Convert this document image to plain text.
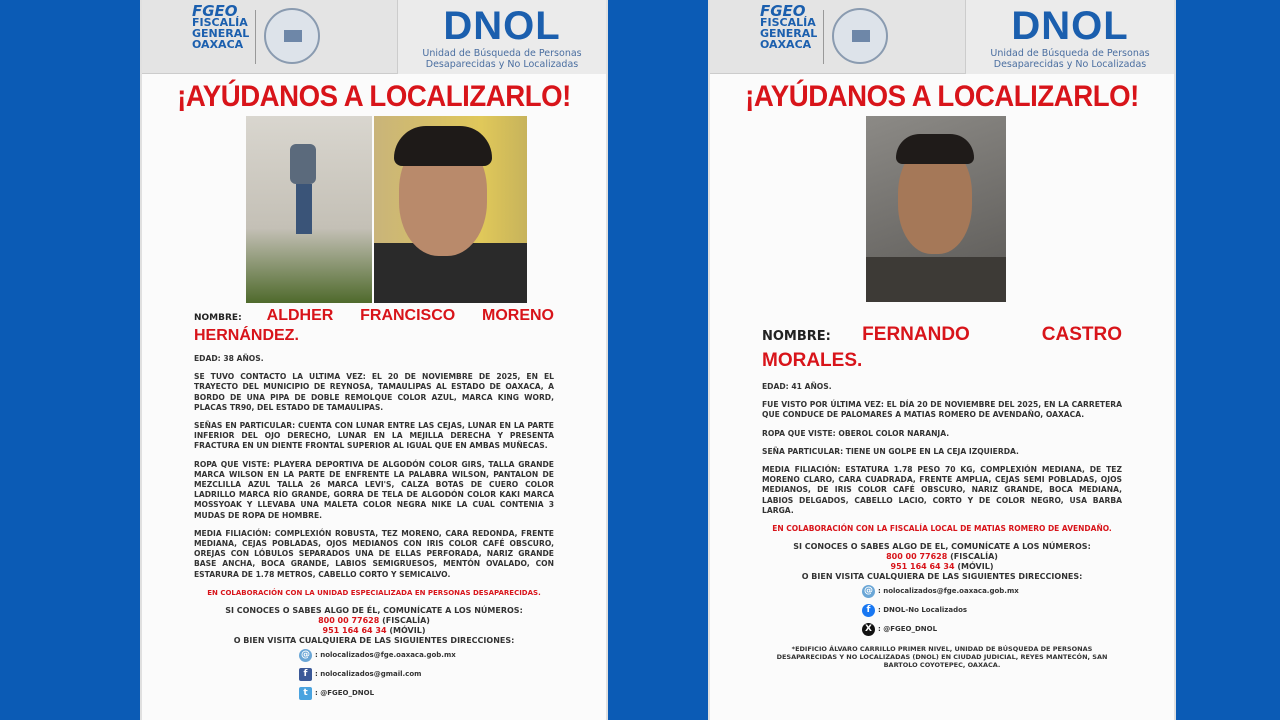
FGEO
FISCALÍA
GENERAL
OAXACA	DNOL
Unidad de Búsqueda de Personas
Desaparecidas y No Localizadas
¡AYÚDANOS A LOCALIZARLO!

NOMBRE: ALDHER FRANCISCO MORENO HERNÁNDEZ.

EDAD: 38 AÑOS.

SE TUVO CONTACTO LA ULTIMA VEZ: EL 20 DE NOVIEMBRE DE 2025, EN EL TRAYECTO DEL MUNICIPIO DE REYNOSA, TAMAULIPAS AL ESTADO DE OAXACA, A BORDO DE UNA PIPA DE DOBLE REMOLQUE COLOR AZUL, MARCA KING WORD, PLACAS TR90, DEL ESTADO DE TAMAULIPAS.

SEÑAS EN PARTICULAR: CUENTA CON LUNAR ENTRE LAS CEJAS, LUNAR EN LA PARTE INFERIOR DEL OJO DERECHO, LUNAR EN LA MEJILLA DERECHA Y PRESENTA FRACTURA EN UN DIENTE FRONTAL SUPERIOR AL IGUAL QUE EN AMBAS MUÑECAS.

ROPA QUE VISTE: PLAYERA DEPORTIVA DE ALGODÓN COLOR GIRS, TALLA GRANDE MARCA WILSON EN LA PARTE DE ENFRENTE LA PALABRA WILSON, PANTALON DE MEZCLILLA AZUL TALLA 26 MARCA LEVI'S, CALZA BOTAS DE CUERO COLOR LADRILLO MARCA RÍO GRANDE, GORRA DE TELA DE ALGODÓN COLOR KAKI MARCA MOSSYOAK Y LLEVABA UNA MALETA COLOR NEGRA NIKE LA CUAL CONTENIA 3 MUDAS DE ROPA DE HOMBRE.

MEDIA FILIACIÓN: COMPLEXIÓN ROBUSTA, TEZ MORENO, CARA REDONDA, FRENTE MEDIANA, CEJAS POBLADAS, OJOS MEDIANOS CON IRIS COLOR CAFÉ OBSCURO, OREJAS CON LÓBULOS SEPARADOS UNA DE ELLAS PERFORADA, NARIZ GRANDE BASE ANCHA, BOCA GRANDE, LABIOS SEMIGRUESOS, MENTÓN OVALADO, CON ESTARURA DE 1.78 METROS, CABELLO CORTO Y SEMICALVO.

EN COLABORACIÓN CON LA UNIDAD ESPECIALIZADA EN PERSONAS DESAPARECIDAS.

SI CONOCES O SABES ALGO DE ÉL, COMUNÍCATE A LOS NÚMEROS:
800 00 77628 (FISCALÍA)
951 164 64 34 (MÓVIL)
O BIEN VISITA CUALQUIERA DE LAS SIGUIENTES DIRECCIONES:
@ : nolocalizados@fge.oaxaca.gob.mx
f : nolocalizados@gmail.com
t : @FGEO_DNOL
FGEO
FISCALÍA
GENERAL
OAXACA	DNOL
Unidad de Búsqueda de Personas
Desaparecidas y No Localizadas
¡AYÚDANOS A LOCALIZARLO!

NOMBRE: FERNANDO CASTRO MORALES.

EDAD: 41 AÑOS.

FUE VISTO POR ÚLTIMA VEZ: EL DÍA 20 DE NOVIEMBRE DEL 2025, EN LA CARRETERA QUE CONDUCE DE PALOMARES A MATIAS ROMERO DE AVENDAÑO, OAXACA.

ROPA QUE VISTE: OBEROL COLOR NARANJA.

SEÑA PARTICULAR: TIENE UN GOLPE EN LA CEJA IZQUIERDA.

MEDIA FILIACIÓN: ESTATURA 1.78 PESO 70 KG, COMPLEXIÓN MEDIANA, DE TEZ MORENO CLARO, CARA CUADRADA, FRENTE AMPLIA, CEJAS SEMI POBLADAS, OJOS MEDIANOS, DE IRIS COLOR CAFÉ OBSCURO, NARIZ GRANDE, BOCA MEDIANA, LABIOS DELGADOS, CABELLO LACIO, CORTO Y DE COLOR NEGRO, USA BARBA LARGA.

EN COLABORACIÓN CON LA FISCALÍA LOCAL DE MATIAS ROMERO DE AVENDAÑO.

SI CONOCES O SABES ALGO DE EL, COMUNÍCATE A LOS NÚMEROS:
800 00 77628 (FISCALÍA)
951 164 64 34 (MÓVIL)
O BIEN VISITA CUALQUIERA DE LAS SIGUIENTES DIRECCIONES:
@ : nolocalizados@fge.oaxaca.gob.mx
f : DNOL-No Localizados
X : @FGEO_DNOL
*EDIFICIO ÁLVARO CARRILLO PRIMER NIVEL, UNIDAD DE BÚSQUEDA DE PERSONAS DESAPARECIDAS Y NO LOCALIZADAS (DNOL) EN CIUDAD JUDICIAL, REYES MANTECÓN, SAN BARTOLO COYOTEPEC, OAXACA.
